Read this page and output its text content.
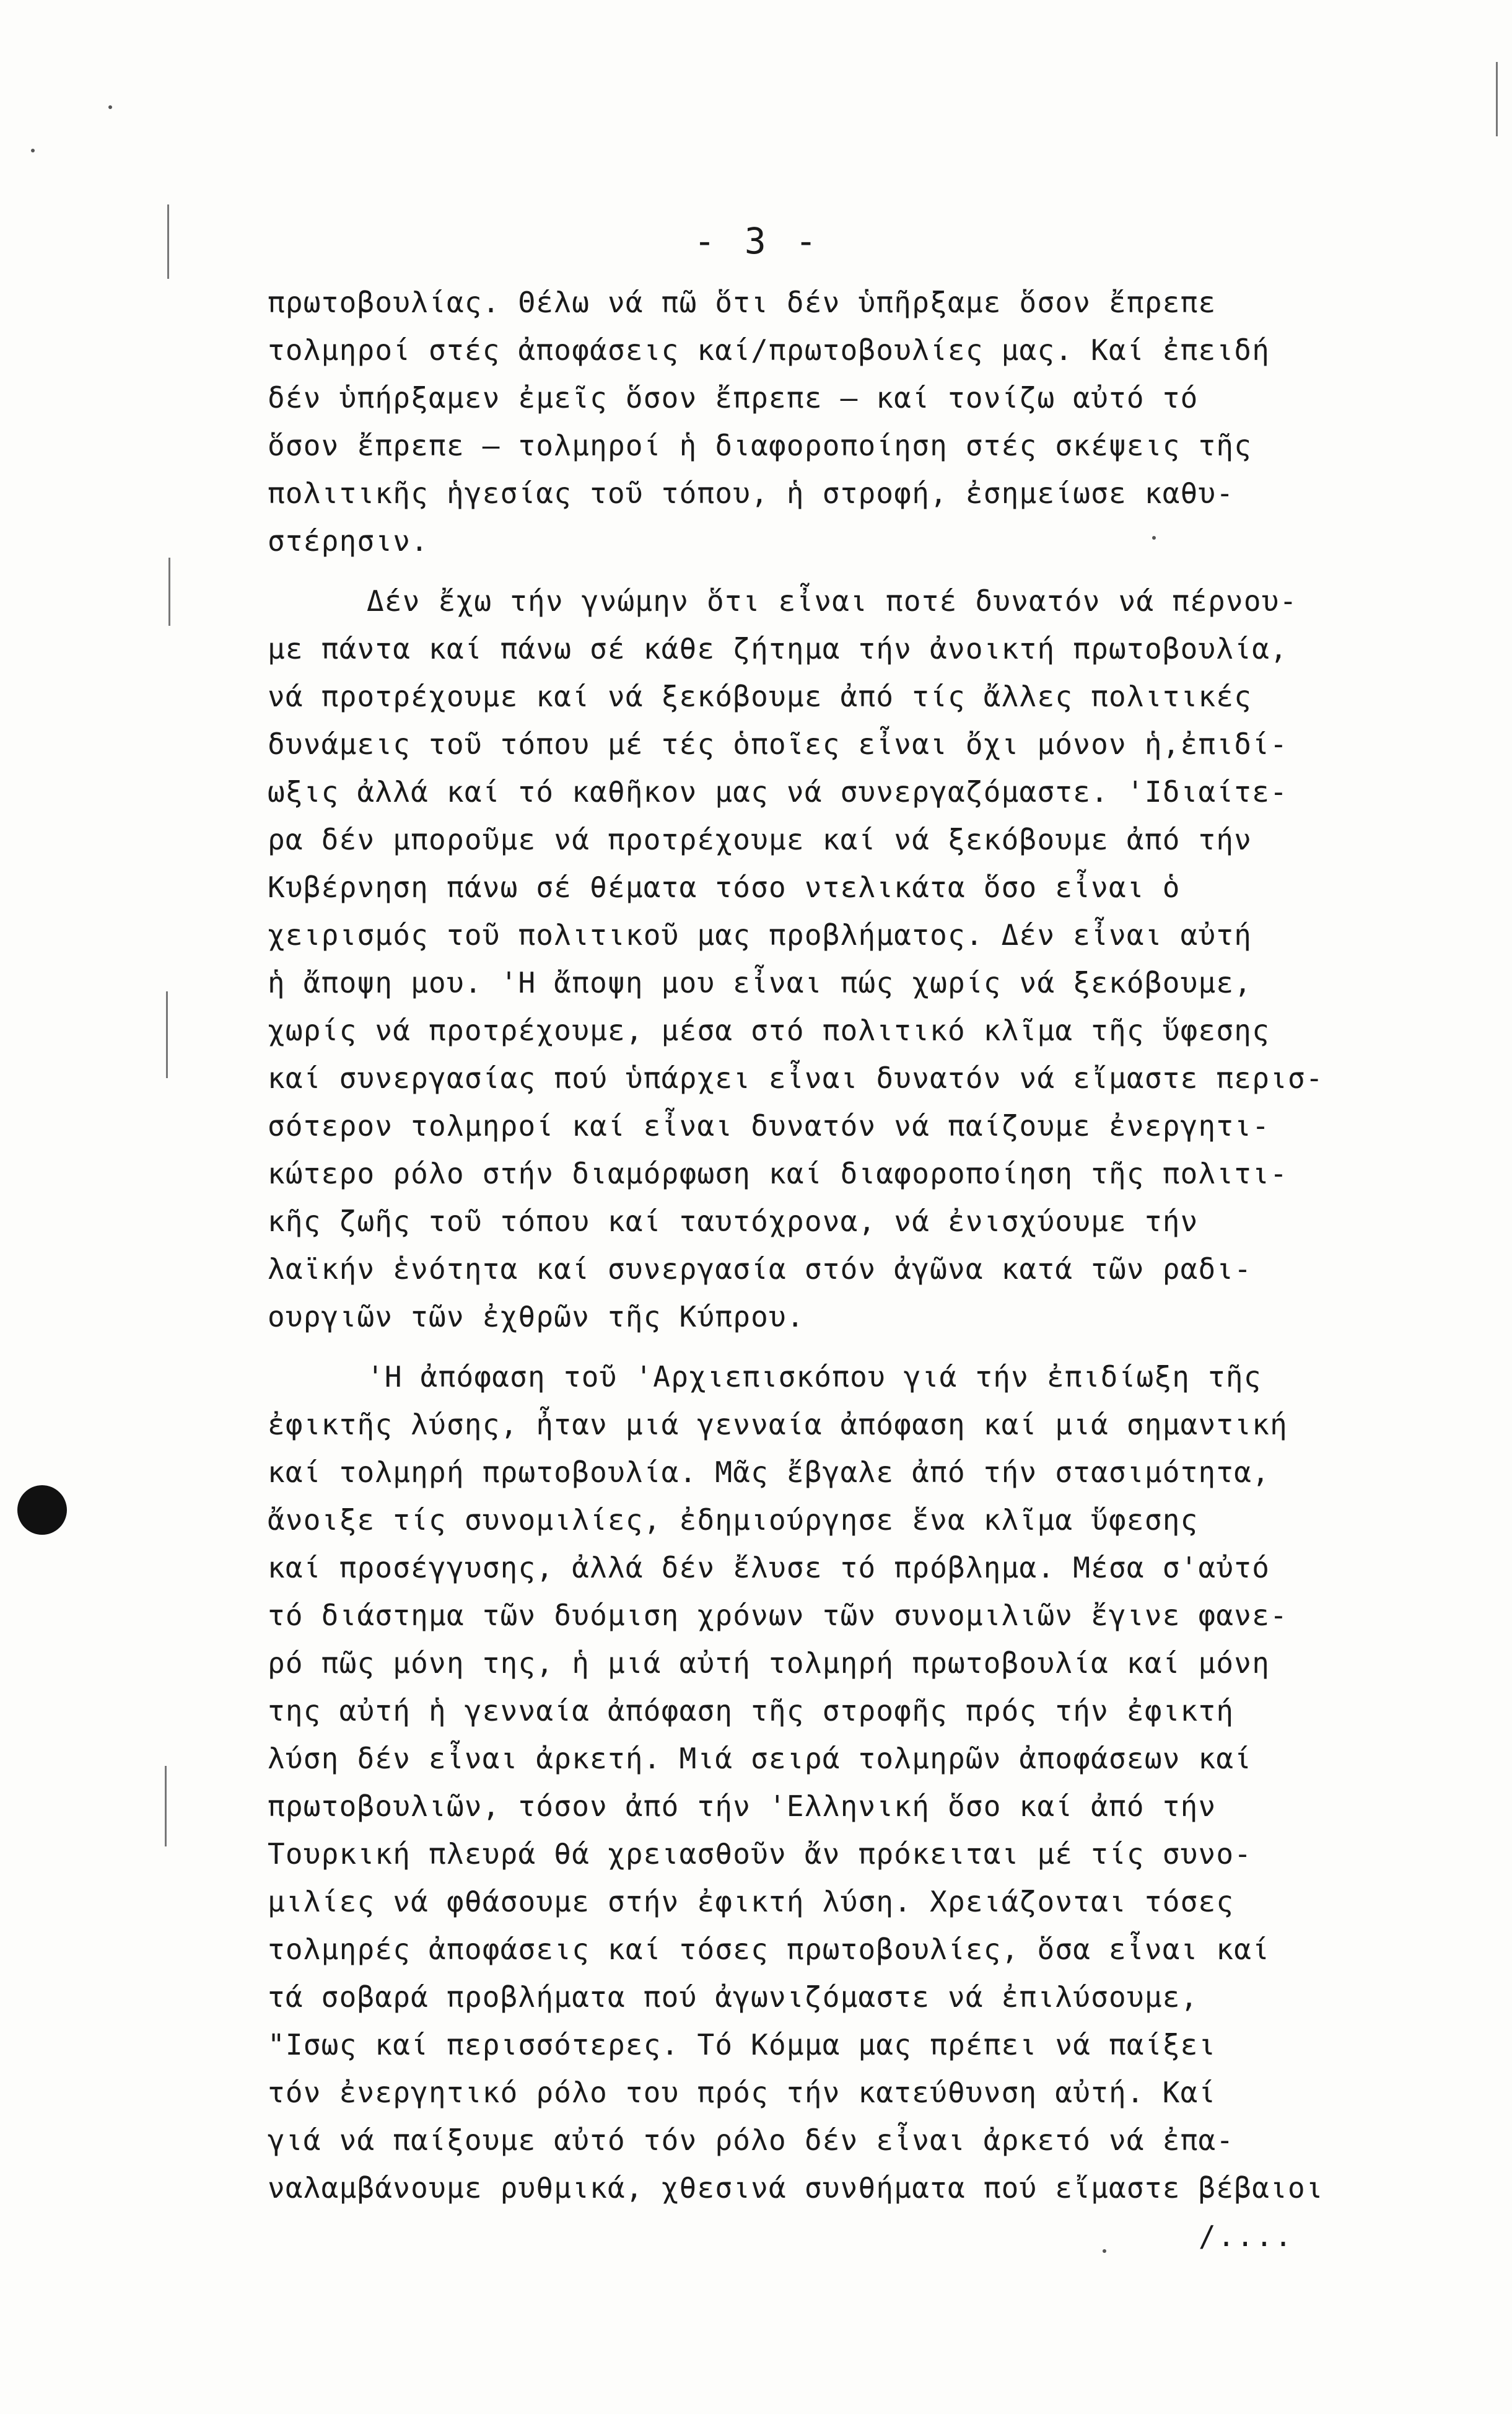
- 3 -
πρωτοβουλίας. Θέλω νά πῶ ὅτι δέν ὑπῆρξαμε ὅσον ἔπρεπε
τολμηροί στές ἀποφάσεις καί/πρωτοβουλίες μας. Καί ἐπειδή
δέν ὑπήρξαμεν ἐμεῖς ὅσον ἔπρεπε – καί τονίζω αὐτό τό
ὅσον ἔπρεπε – τολμηροί ἡ διαφοροποίηση στές σκέψεις τῆς
πολιτικῆς ἡγεσίας τοῦ τόπου, ἡ στροφή, ἐσημείωσε καθυ-
στέρησιν.
Δέν ἔχω τήν γνώμην ὅτι εἶναι ποτέ δυνατόν νά πέρνου-
με πάντα καί πάνω σέ κάθε ζήτημα τήν ἀνοικτή πρωτοβουλία,
νά προτρέχουμε καί νά ξεκόβουμε ἀπό τίς ἄλλες πολιτικές
δυνάμεις τοῦ τόπου μέ τές ὁποῖες εἶναι ὄχι μόνον ἡ,ἐπιδί-
ωξις ἀλλά καί τό καθῆκον μας νά συνεργαζόμαστε. 'Ιδιαίτε-
ρα δέν μποροῦμε νά προτρέχουμε καί νά ξεκόβουμε ἀπό τήν
Κυβέρνηση πάνω σέ θέματα τόσο ντελικάτα ὅσο εἶναι ὁ
χειρισμός τοῦ πολιτικοῦ μας προβλήματος. Δέν εἶναι αὐτή
ἡ ἄποψη μου. 'Η ἄποψη μου εἶναι πώς χωρίς νά ξεκόβουμε,
χωρίς νά προτρέχουμε, μέσα στό πολιτικό κλῖμα τῆς ὕφεσης
καί συνεργασίας πού ὑπάρχει εἶναι δυνατόν νά εἴμαστε περισ-
σότερον τολμηροί καί εἶναι δυνατόν νά παίζουμε ἐνεργητι-
κώτερο ρόλο στήν διαμόρφωση καί διαφοροποίηση τῆς πολιτι-
κῆς ζωῆς τοῦ τόπου καί ταυτόχρονα, νά ἐνισχύουμε τήν
λαϊκήν ἑνότητα καί συνεργασία στόν ἀγῶνα κατά τῶν ραδι-
ουργιῶν τῶν ἐχθρῶν τῆς Κύπρου.
'Η ἀπόφαση τοῦ 'Αρχιεπισκόπου γιά τήν ἐπιδίωξη τῆς
ἐφικτῆς λύσης, ἦταν μιά γενναία ἀπόφαση καί μιά σημαντική
καί τολμηρή πρωτοβουλία. Μᾶς ἔβγαλε ἀπό τήν στασιμότητα,
ἄνοιξε τίς συνομιλίες, ἐδημιούργησε ἕνα κλῖμα ὕφεσης
καί προσέγγυσης, ἀλλά δέν ἔλυσε τό πρόβλημα. Μέσα σ'αὐτό
τό διάστημα τῶν δυόμιση χρόνων τῶν συνομιλιῶν ἔγινε φανε-
ρό πῶς μόνη της, ἡ μιά αὐτή τολμηρή πρωτοβουλία καί μόνη
της αὐτή ἡ γενναία ἀπόφαση τῆς στροφῆς πρός τήν ἐφικτή
λύση δέν εἶναι ἀρκετή. Μιά σειρά τολμηρῶν ἀποφάσεων καί
πρωτοβουλιῶν, τόσον ἀπό τήν 'Ελληνική ὅσο καί ἀπό τήν
Τουρκική πλευρά θά χρειασθοῦν ἄν πρόκειται μέ τίς συνο-
μιλίες νά φθάσουμε στήν ἐφικτή λύση. Χρειάζονται τόσες
τολμηρές ἀποφάσεις καί τόσες πρωτοβουλίες, ὅσα εἶναι καί
τά σοβαρά προβλήματα πού ἀγωνιζόμαστε νά ἐπιλύσουμε,
"Ισως καί περισσότερες. Τό Κόμμα μας πρέπει νά παίξει
τόν ἐνεργητικό ρόλο του πρός τήν κατεύθυνση αὐτή. Καί
γιά νά παίξουμε αὐτό τόν ρόλο δέν εἶναι ἀρκετό νά ἐπα-
ναλαμβάνουμε ρυθμικά, χθεσινά συνθήματα πού εἴμαστε βέβαιοι
/....
